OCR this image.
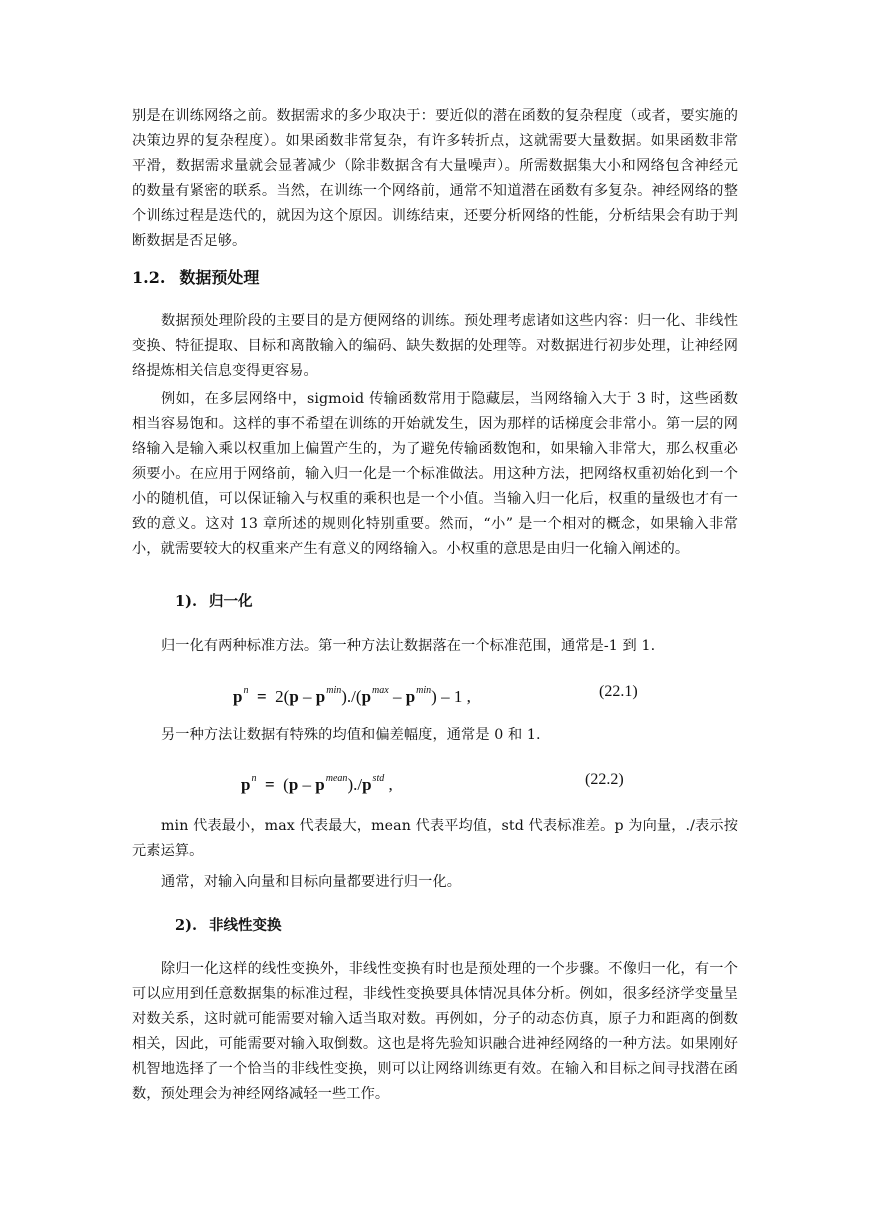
别是在训练网络之前。数据需求的多少取决于：要近似的潜在函数的复杂程度（或者，要实施的决策边界的复杂程度）。如果函数非常复杂，有许多转折点，这就需要大量数据。如果函数非常平滑，数据需求量就会显著减少（除非数据含有大量噪声）。所需数据集大小和网络包含神经元的数量有紧密的联系。当然，在训练一个网络前，通常不知道潜在函数有多复杂。神经网络的整个训练过程是迭代的，就因为这个原因。训练结束，还要分析网络的性能，分析结果会有助于判断数据是否足够。

1.2. 数据预处理

数据预处理阶段的主要目的是方便网络的训练。预处理考虑诸如这些内容：归一化、非线性变换、特征提取、目标和离散输入的编码、缺失数据的处理等。对数据进行初步处理，让神经网络提炼相关信息变得更容易。

例如，在多层网络中，sigmoid 传输函数常用于隐藏层，当网络输入大于 3 时，这些函数相当容易饱和。这样的事不希望在训练的开始就发生，因为那样的话梯度会非常小。第一层的网络输入是输入乘以权重加上偏置产生的，为了避免传输函数饱和，如果输入非常大，那么权重必须要小。在应用于网络前，输入归一化是一个标准做法。用这种方法，把网络权重初始化到一个小的随机值，可以保证输入与权重的乘积也是一个小值。当输入归一化后，权重的量级也才有一致的意义。这对 13 章所述的规则化特别重要。然而，“小” 是一个相对的概念，如果输入非常小，就需要较大的权重来产生有意义的网络输入。小权重的意思是由归一化输入阐述的。

1). 归一化

归一化有两种标准方法。第一种方法让数据落在一个标准范围，通常是-1 到 1.

$p^n = 2(p - p^{min})./(p^{max} - p^{min}) - 1$ ,	(22.1)

另一种方法让数据有特殊的均值和偏差幅度，通常是 0 和 1.

$p^n = (p - p^{mean})./p^{std}$ ,	(22.2)

min 代表最小，max 代表最大，mean 代表平均值，std 代表标准差。p 为向量，./表示按元素运算。

通常，对输入向量和目标向量都要进行归一化。

2). 非线性变换

除归一化这样的线性变换外，非线性变换有时也是预处理的一个步骤。不像归一化，有一个可以应用到任意数据集的标准过程，非线性变换要具体情况具体分析。例如，很多经济学变量呈对数关系，这时就可能需要对输入适当取对数。再例如，分子的动态仿真，原子力和距离的倒数相关，因此，可能需要对输入取倒数。这也是将先验知识融合进神经网络的一种方法。如果刚好机智地选择了一个恰当的非线性变换，则可以让网络训练更有效。在输入和目标之间寻找潜在函数，预处理会为神经网络减轻一些工作。
